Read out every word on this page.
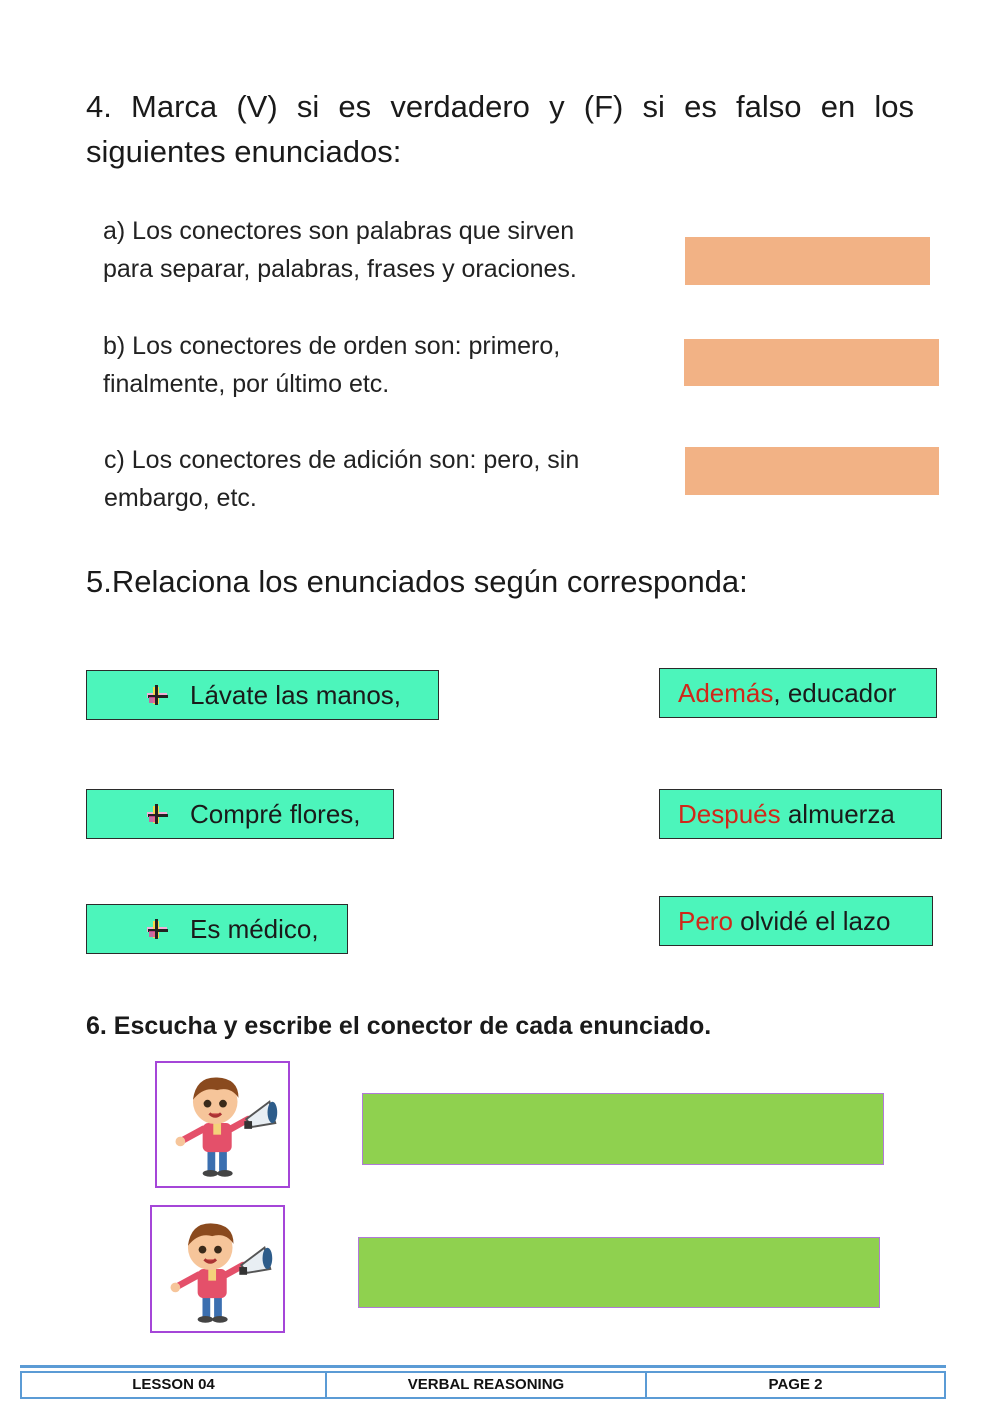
4. Marca (V) si es verdadero y (F) si es falso en los siguientes enunciados:
a) Los conectores son palabras que sirven
para separar, palabras, frases y oraciones.
b) Los conectores de orden son: primero,
finalmente, por último etc.
c) Los conectores de adición son: pero, sin
embargo, etc.
5.Relaciona los enunciados según corresponda:
Lávate las manos,
Compré flores,
Es médico,
Además, educador
Después almuerza
Pero olvidé el lazo
6. Escucha y escribe el conector de cada enunciado.
LESSON 04	VERBAL REASONING	PAGE 2
